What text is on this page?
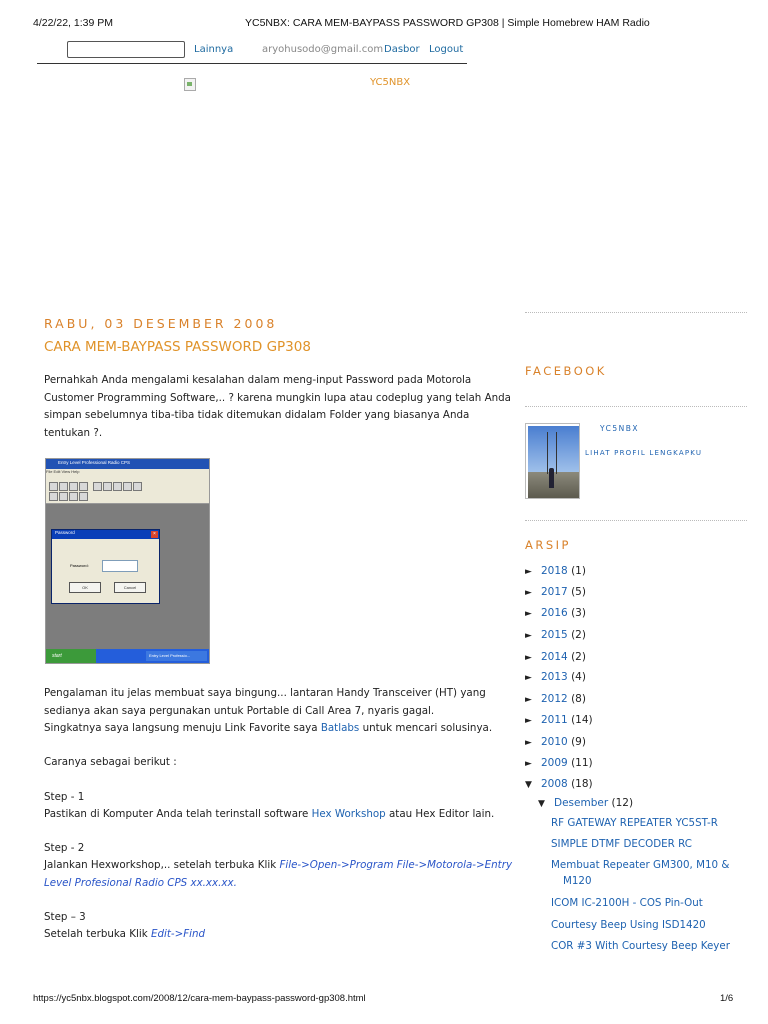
4/22/22, 1:39 PM	YC5NBX: CARA MEM-BAYPASS PASSWORD GP308 | Simple Homebrew HAM Radio
Lainnya	aryohusodo@gmail.com Dasbor Logout
YC5NBX
RABU, 03 DESEMBER 2008
CARA MEM-BAYPASS PASSWORD GP308
Pernahkah Anda mengalami kesalahan dalam meng-input Password pada Motorola Customer Programming Software,.. ? karena mungkin lupa atau codeplug yang telah Anda simpan sebelumnya tiba-tiba tidak ditemukan didalam Folder yang biasanya Anda tentukan ?.
Entry Level Professional Radio CPS
File Edit View Help
Password	×
Password:
OK	Cancel
start	Entry Level Professio...
Pengalaman itu jelas membuat saya bingung... lantaran Handy Transceiver (HT) yang sedianya akan saya pergunakan untuk Portable di Call Area 7, nyaris gagal.
Singkatnya saya langsung menuju Link Favorite saya Batlabs untuk mencari solusinya.
Caranya sebagai berikut :
Step - 1
Pastikan di Komputer Anda telah terinstall software Hex Workshop atau Hex Editor lain.
Step - 2
Jalankan Hexworkshop,.. setelah terbuka Klik File->Open->Program File->Motorola->Entry Level Profesional Radio CPS xx.xx.xx.
Step – 3
Setelah terbuka Klik Edit->Find
FACEBOOK
YC5NBX
LIHAT PROFIL LENGKAPKU
ARSIP
► 2018 (1)
► 2017 (5)
► 2016 (3)
► 2015 (2)
► 2014 (2)
► 2013 (4)
► 2012 (8)
► 2011 (14)
► 2010 (9)
► 2009 (11)
▼ 2008 (18)
▼ Desember (12)
RF GATEWAY REPEATER YC5ST-R
SIMPLE DTMF DECODER RC
Membuat Repeater GM300, M10 & M120
ICOM IC-2100H - COS Pin-Out
Courtesy Beep Using ISD1420
COR #3 With Courtesy Beep Keyer
https://yc5nbx.blogspot.com/2008/12/cara-mem-baypass-password-gp308.html	1/6
